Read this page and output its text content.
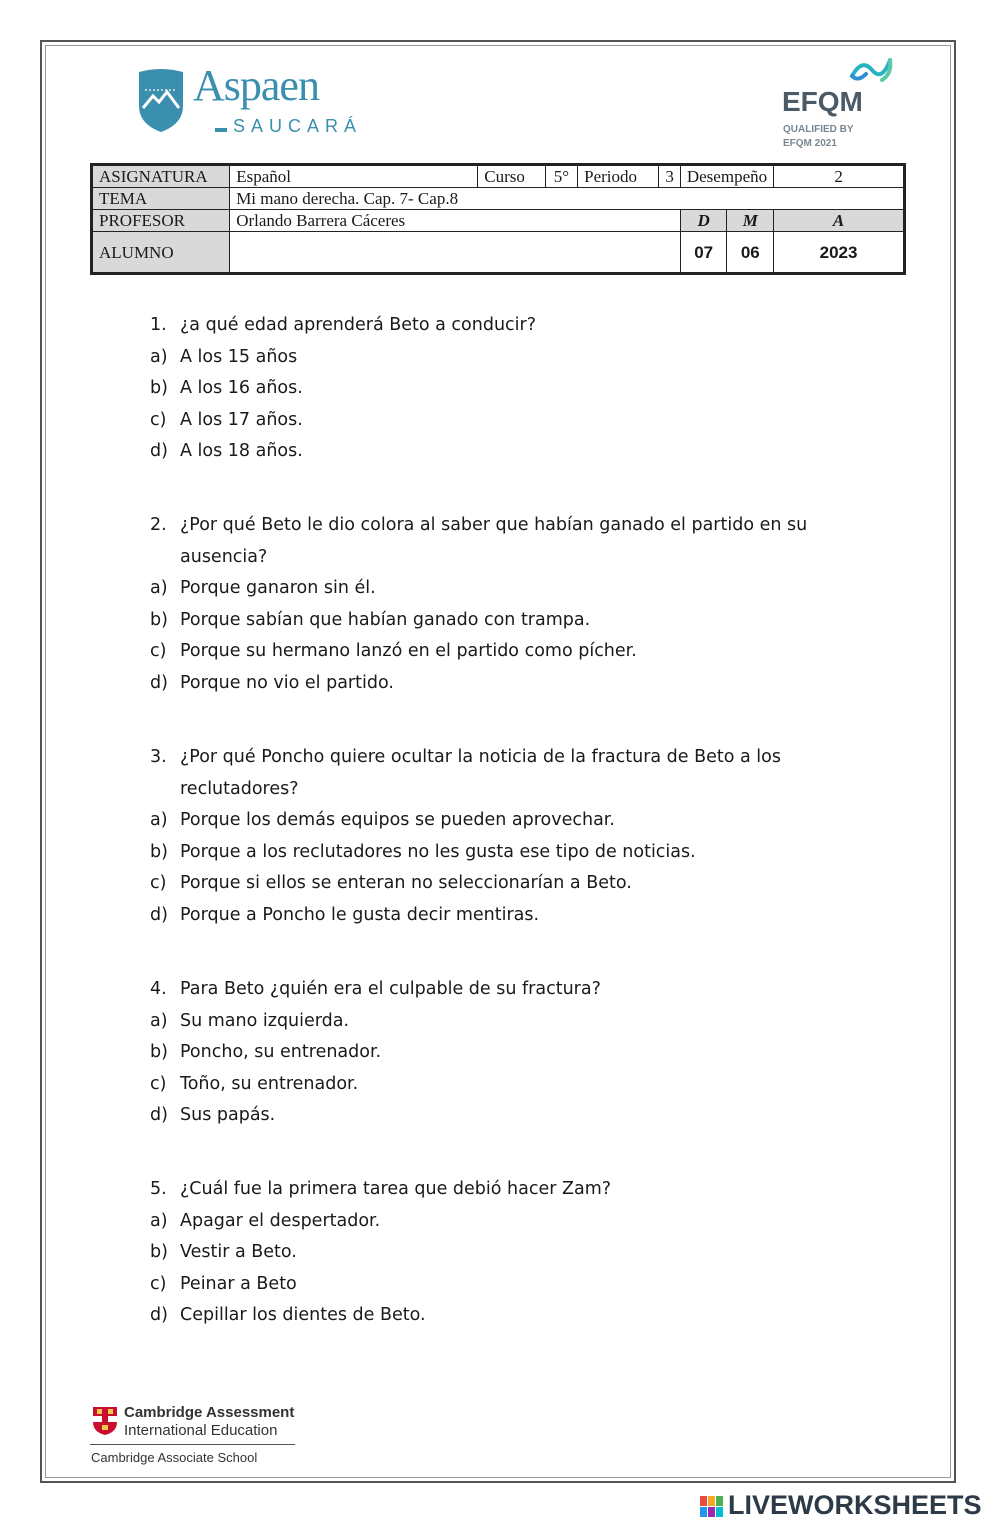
Aspaen
SAUCARÁ
EFQM
QUALIFIED BY
EFQM 2021
ASIGNATURA	Español	Curso	5°	Periodo	3	Desempeño		2
TEMA	Mi mano derecha. Cap. 7- Cap.8							
PROFESOR	Orlando Barrera Cáceres					D	M	A
ALUMNO						07	06	2023
1. ¿a qué edad aprenderá Beto a conducir?
a) A los 15 años
b) A los 16 años.
c) A los 17 años.
d) A los 18 años.
2. ¿Por qué Beto le dio colora al saber que habían ganado el partido en su
ausencia?
a) Porque ganaron sin él.
b) Porque sabían que habían ganado con trampa.
c) Porque su hermano lanzó en el partido como pícher.
d) Porque no vio el partido.
3. ¿Por qué Poncho quiere ocultar la noticia de la fractura de Beto a los
reclutadores?
a) Porque los demás equipos se pueden aprovechar.
b) Porque a los reclutadores no les gusta ese tipo de noticias.
c) Porque si ellos se enteran no seleccionarían a Beto.
d) Porque a Poncho le gusta decir mentiras.
4. Para Beto ¿quién era el culpable de su fractura?
a) Su mano izquierda.
b) Poncho, su entrenador.
c) Toño, su entrenador.
d) Sus papás.
5. ¿Cuál fue la primera tarea que debió hacer Zam?
a) Apagar el despertador.
b) Vestir a Beto.
c) Peinar a Beto
d) Cepillar los dientes de Beto.
Cambridge Assessment
International Education
Cambridge Associate School
LIVEWORKSHEETS
